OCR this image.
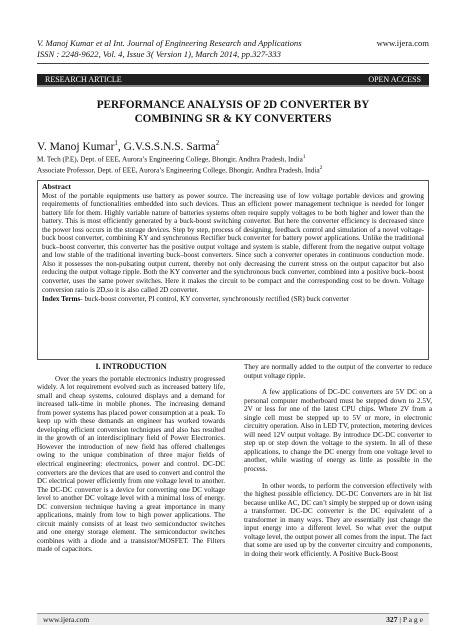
V. Manoj Kumar et al Int. Journal of Engineering Research and Applications	www.ijera.com
ISSN : 2248-9622, Vol. 4, Issue 3( Version 1), March 2014, pp.327-333
RESEARCH ARTICLE	OPEN ACCESS
PERFORMANCE ANALYSIS OF 2D CONVERTER BY
COMBINING SR & KY CONVERTERS
V. Manoj Kumar$^1$, G.V.S.S.N.S. Sarma$^2$
M. Tech (P.E), Dept. of EEE, Aurora’s Engineering College, Bhongir, Andhra Pradesh, India$^1$
Associate Professor, Dept. of EEE, Aurora’s Engineering College, Bhongir, Andhra Pradesh, India$^2$
Abstract
Most of the portable equipments use battery as power source. The increasing use of low voltage portable devices and growing requirements of functionalities embedded into such devices. Thus an efficient power management technique is needed for longer battery life for them. Highly variable nature of batteries systems often require supply voltages to be both higher and lower than the battery. This is most efficiently generated by a buck-boost switching converter. But here the converter efficiency is decreased since the power loss occurs in the storage devices. Step by step, process of designing, feedback control and simulation of a novel voltage-buck boost converter, combining KY and synchronous Rectifier buck converter for battery power applications. Unlike the traditional buck–boost converter, this converter has the positive output voltage and system is stable, different from the negative output voltage and low stable of the traditional inverting buck–boost converters. Since such a converter operates in continuous conduction mode. Also it possesses the non-pulsating output current, thereby not only decreasing the current stress on the output capacitor but also reducing the output voltage ripple. Both the KY converter and the synchronous buck converter, combined into a positive buck–boost converter, uses the same power switches. Here it makes the circuit to be compact and the corresponding cost to be down. Voltage conversion ratio is 2D,so it is also called 2D converter.
Index Terms- buck-boost converter, PI control, KY converter, synchronously rectified (SR) buck converter
I. INTRODUCTION

Over the years the portable electronics industry progressed widely. A lot requirement evolved such as increased battery life, small and cheap systems, coloured displays and a demand for increased talk-time in mobile phones. The increasing demand from power systems has placed power consumption at a peak. To keep up with these demands an engineer has worked towards developing efficient conversion techniques and also has resulted in the growth of an interdisciplinary field of Power Electronics. However the introduction of new field has offered challenges owing to the unique combination of three major fields of electrical engineering: electronics, power and control. DC-DC converters are the devices that are used to convert and control the DC electrical power efficiently from one voltage level to another. The DC-DC converter is a device for converting one DC voltage level to another DC voltage level with a minimal loss of energy. DC conversion technique having a great importance in many applications, mainly from low to high power applications. The circuit mainly consists of at least two semiconductor switches and one energy storage element. The semiconductor switches combines with a diode and a transistor/MOSFET. The Filters made of capacitors.

They are normally added to the output of the converter to reduce output voltage ripple.

A few applications of DC-DC converters are 5V DC on a personal computer motherboard must be stepped down to 2.5V, 2V or less for one of the latest CPU chips. Where 2V from a single cell must be stepped up to 5V or more, in electronic circuitry operation. Also in LED TV, protection, metering devices will need 12V output voltage. By introduce DC-DC converter to step up or step down the voltage to the system. In all of these applications, to change the DC energy from one voltage level to another, while wasting of energy as little as possible in the process.

In other words, to perform the conversion effectively with the highest possible efficiency. DC-DC Converters are in hit list because unlike AC, DC can’t simply be stepped up or down using a transformer. DC-DC converter is the DC equivalent of a transformer in many ways. They are essentially just change the input energy into a different level. So what ever the output voltage level, the output power all comes from the input. The fact that some are used up by the converter circuitry and components, in doing their work efficiently. A Positive Buck-Boost

www.ijera.com	327 | P a g e
